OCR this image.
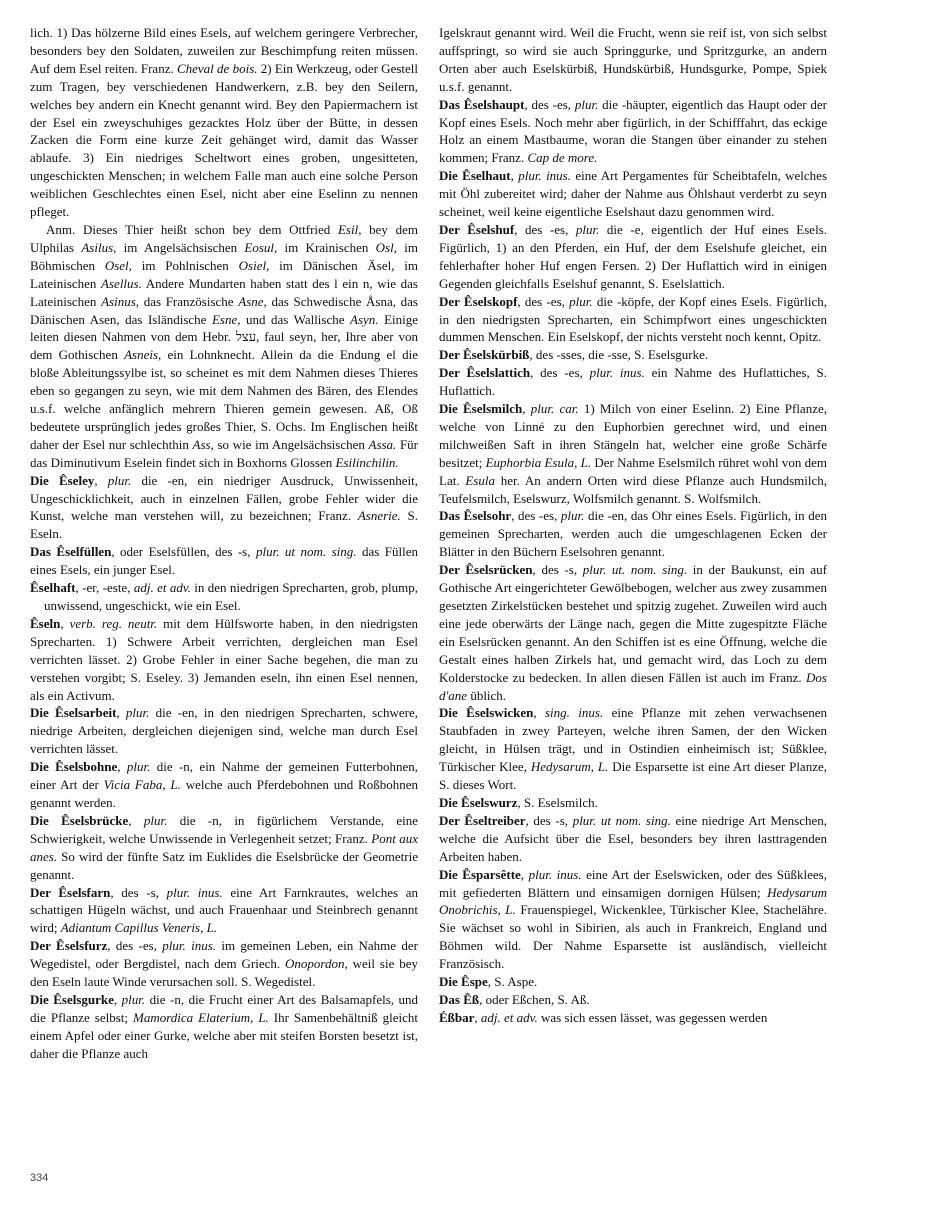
lich. 1) Das hölzerne Bild eines Esels, auf welchem geringere Verbrecher, besonders bey den Soldaten, zuweilen zur Beschimpfung reiten müssen. Auf dem Esel reiten. Franz. Cheval de bois. 2) Ein Werkzeug, oder Gestell zum Tragen, bey verschiedenen Handwerkern, z.B. bey den Seilern, welches bey andern ein Knecht genannt wird. Bey den Papiermachern ist der Esel ein zweyschuhiges gezacktes Holz über der Bütte, in dessen Zacken die Form eine kurze Zeit gehänget wird, damit das Wasser ablaufe. 3) Ein niedriges Scheltwort eines groben, ungesitteten, ungeschickten Menschen; in welchem Falle man auch eine solche Person weiblichen Geschlechtes einen Esel, nicht aber eine Eselinn zu nennen pfleget.

Anm. Dieses Thier heißt schon bey dem Ottfried Esil, bey dem Ulphilas Asilus, im Angelsächsischen Eosul, im Krainischen Osl, im Böhmischen Osel, im Pohlnischen Osiel, im Dänischen Äsel, im Lateinischen Asellus. Andere Mundarten haben statt des l ein n, wie das Lateinischen Asinus, das Französische Asne, das Schwedische Åsna, das Dänischen Asen, das Isländische Esne, und das Wallische Asyn. Einige leiten diesen Nahmen von dem Hebr. עצל, faul seyn, her, Ihre aber von dem Gothischen Asneis, ein Lohnknecht. Allein da die Endung el die bloße Ableitungssylbe ist, so scheinet es mit dem Nahmen dieses Thieres eben so gegangen zu seyn, wie mit dem Nahmen des Bären, des Elendes u.s.f. welche anfänglich mehrern Thieren gemein gewesen. Aß, Oß bedeutete ursprünglich jedes großes Thier, S. Ochs. Im Englischen heißt daher der Esel nur schlechthin Ass, so wie im Angelsächsischen Assa. Für das Diminutivum Eselein findet sich in Boxhorns Glossen Esilinchilin.

Die Êseley, plur. die -en, ein niedriger Ausdruck, Unwissenheit, Ungeschicklichkeit, auch in einzelnen Fällen, grobe Fehler wider die Kunst, welche man verstehen will, zu bezeichnen; Franz. Asnerie. S. Eseln.

Das Êselfüllen, oder Eselsfüllen, des -s, plur. ut nom. sing. das Füllen eines Esels, ein junger Esel.

Êselhaft, -er, -este, adj. et adv. in den niedrigen Sprecharten, grob, plump, unwissend, ungeschickt, wie ein Esel.

Êseln, verb. reg. neutr. mit dem Hülfsworte haben, in den niedrigsten Sprecharten. 1) Schwere Arbeit verrichten, dergleichen man Esel verrichten lässet. 2) Grobe Fehler in einer Sache begehen, die man zu verstehen vorgibt; S. Eseley. 3) Jemanden eseln, ihn einen Esel nennen, als ein Activum.

Die Êselsarbeit, plur. die -en, in den niedrigen Sprecharten, schwere, niedrige Arbeiten, dergleichen diejenigen sind, welche man durch Esel verrichten lässet.

Die Êselsbohne, plur. die -n, ein Nahme der gemeinen Futterbohnen, einer Art der Vicia Faba, L. welche auch Pferdebohnen und Roßbohnen genannt werden.

Die Êselsbrücke, plur. die -n, in figürlichem Verstande, eine Schwierigkeit, welche Unwissende in Verlegenheit setzet; Franz. Pont aux anes. So wird der fünfte Satz im Euklides die Eselsbrücke der Geometrie genannt.

Der Êselsfarn, des -s, plur. inus. eine Art Farnkrautes, welches an schattigen Hügeln wächst, und auch Frauenhaar und Steinbrech genannt wird; Adiantum Capillus Veneris, L.

Der Êselsfurz, des -es, plur. inus. im gemeinen Leben, ein Nahme der Wegedistel, oder Bergdistel, nach dem Griech. Onopordon, weil sie bey den Eseln laute Winde verursachen soll. S. Wegedistel.

Die Êselsgurke, plur. die -n, die Frucht einer Art des Balsamapfels, und die Pflanze selbst; Mamordica Elaterium, L. Ihr Samenbehältniß gleicht einem Apfel oder einer Gurke, welche aber mit steifen Borsten besetzt ist, daher die Pflanze auch

Igelskraut genannt wird. Weil die Frucht, wenn sie reif ist, von sich selbst auffspringt, so wird sie auch Springgurke, und Spritzgurke, an andern Orten aber auch Eselskürbiß, Hundskürbiß, Hundsgurke, Pompe, Spiek u.s.f. genannt.

Das Êselshaupt, des -es, plur. die -häupter, eigentlich das Haupt oder der Kopf eines Esels. Noch mehr aber figürlich, in der Schifffahrt, das eckige Holz an einem Mastbaume, woran die Stangen über einander zu stehen kommen; Franz. Cap de more.

Die Êselhaut, plur. inus. eine Art Pergamentes für Scheibtafeln, welches mit Öhl zubereitet wird; daher der Nahme aus Öhlshaut verderbt zu seyn scheinet, weil keine eigentliche Eselshaut dazu genommen wird.

Der Êselshuf, des -es, plur. die -e, eigentlich der Huf eines Esels. Figürlich, 1) an den Pferden, ein Huf, der dem Eselshufe gleichet, ein fehlerhafter hoher Huf engen Fersen. 2) Der Huflattich wird in einigen Gegenden gleichfalls Eselshuf genannt, S. Eselslattich.

Der Êselskopf, des -es, plur. die -köpfe, der Kopf eines Esels. Figürlich, in den niedrigsten Sprecharten, ein Schimpfwort eines ungeschickten dummen Menschen. Ein Eselskopf, der nichts versteht noch kennt, Opitz.

Der Êselskürbiß, des -sses, die -sse, S. Eselsgurke.

Der Êselslattich, des -es, plur. inus. ein Nahme des Huflattiches, S. Huflattich.

Die Êselsmilch, plur. car. 1) Milch von einer Eselinn. 2) Eine Pflanze, welche von Linné zu den Euphorbien gerechnet wird, und einen milchweißen Saft in ihren Stängeln hat, welcher eine große Schärfe besitzet; Euphorbia Esula, L. Der Nahme Eselsmilch rühret wohl von dem Lat. Esula her. An andern Orten wird diese Pflanze auch Hundsmilch, Teufelsmilch, Eselswurz, Wolfsmilch genannt. S. Wolfsmilch.

Das Êselsohr, des -es, plur. die -en, das Ohr eines Esels. Figürlich, in den gemeinen Sprecharten, werden auch die umgeschlagenen Ecken der Blätter in den Büchern Eselsohren genannt.

Der Êselsrücken, des -s, plur. ut. nom. sing. in der Baukunst, ein auf Gothische Art eingerichteter Gewölbebogen, welcher aus zwey zusammen gesetzten Zirkelstücken bestehet und spitzig zugehet. Zuweilen wird auch eine jede oberwärts der Länge nach, gegen die Mitte zugespitzte Fläche ein Eselsrücken genannt. An den Schiffen ist es eine Öffnung, welche die Gestalt eines halben Zirkels hat, und gemacht wird, das Loch zu dem Kolderstocke zu bedecken. In allen diesen Fällen ist auch im Franz. Dos d'ane üblich.

Die Êselswicken, sing. inus. eine Pflanze mit zehen verwachsenen Staubfaden in zwey Parteyen, welche ihren Samen, der den Wicken gleicht, in Hülsen trägt, und in Ostindien einheimisch ist; Süßklee, Türkischer Klee, Hedysarum, L. Die Esparsette ist eine Art dieser Planze, S. dieses Wort.

Die Êselswurz, S. Eselsmilch.

Der Êseltreiber, des -s, plur. ut nom. sing. eine niedrige Art Menschen, welche die Aufsicht über die Esel, besonders bey ihren lasttragenden Arbeiten haben.

Die Êsparsêtte, plur. inus. eine Art der Eselswicken, oder des Süßklees, mit gefiederten Blättern und einsamigen dornigen Hülsen; Hedysarum Onobrichis, L. Frauenspiegel, Wickenklee, Türkischer Klee, Stachelähre. Sie wächset so wohl in Sibirien, als auch in Frankreich, England und Böhmen wild. Der Nahme Esparsette ist ausländisch, vielleicht Französisch.

Die Êspe, S. Aspe.

Das Êß, oder Eßchen, S. Aß.

Éßbar, adj. et adv. was sich essen lässet, was gegessen werden

334
